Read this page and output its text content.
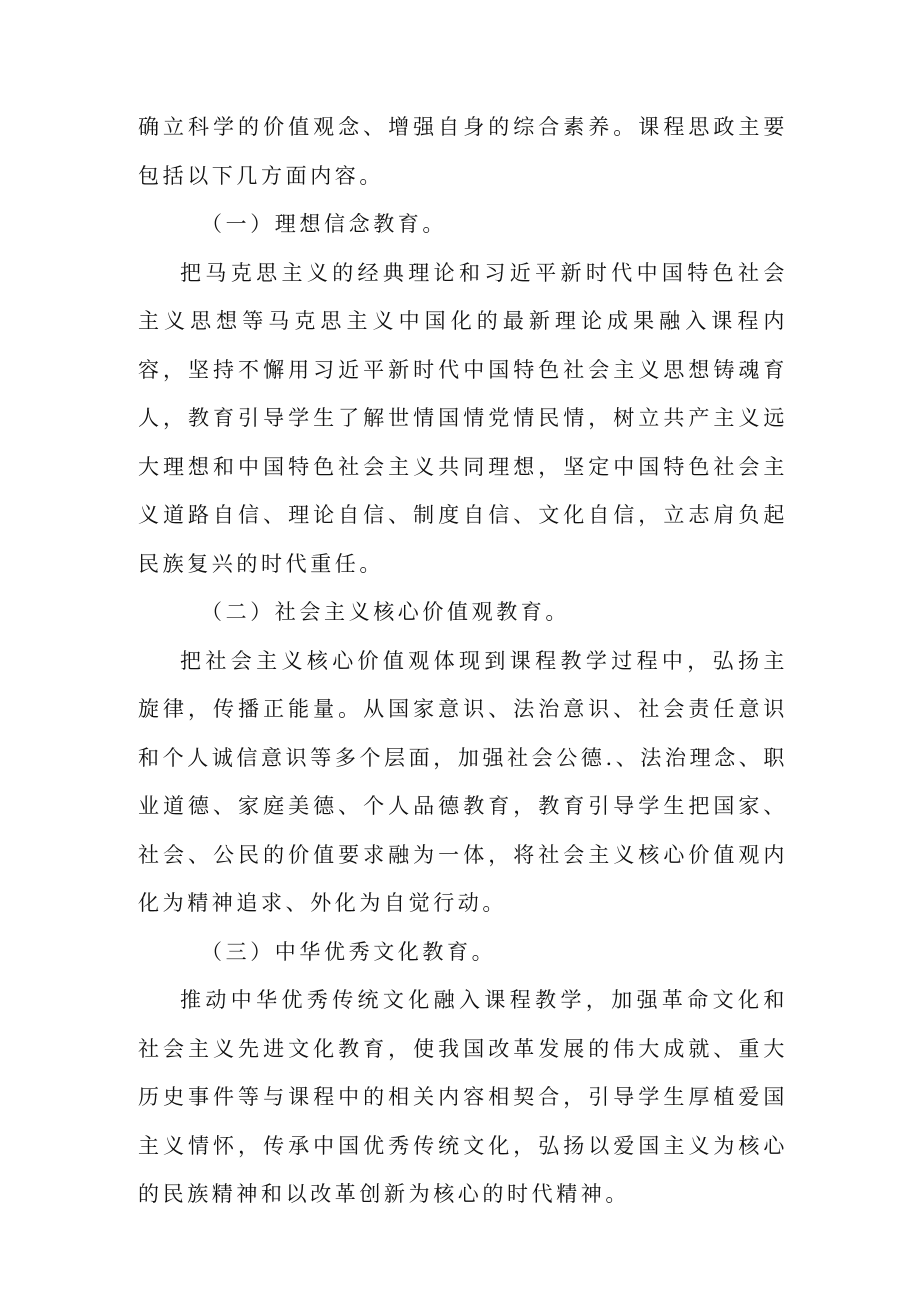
确立科学的价值观念、增强自身的综合素养。课程思政主要包括以下几方面内容。

（一）理想信念教育。

把马克思主义的经典理论和习近平新时代中国特色社会主义思想等马克思主义中国化的最新理论成果融入课程内容，坚持不懈用习近平新时代中国特色社会主义思想铸魂育人，教育引导学生了解世情国情党情民情，树立共产主义远大理想和中国特色社会主义共同理想，坚定中国特色社会主义道路自信、理论自信、制度自信、文化自信，立志肩负起民族复兴的时代重任。

（二）社会主义核心价值观教育。

把社会主义核心价值观体现到课程教学过程中，弘扬主旋律，传播正能量。从国家意识、法治意识、社会责任意识和个人诚信意识等多个层面，加强社会公德.、法治理念、职业道德、家庭美德、个人品德教育，教育引导学生把国家、社会、公民的价值要求融为一体，将社会主义核心价值观内化为精神追求、外化为自觉行动。

（三）中华优秀文化教育。

推动中华优秀传统文化融入课程教学，加强革命文化和社会主义先进文化教育，使我国改革发展的伟大成就、重大历史事件等与课程中的相关内容相契合，引导学生厚植爱国主义情怀，传承中国优秀传统文化，弘扬以爱国主义为核心的民族精神和以改革创新为核心的时代精神。
